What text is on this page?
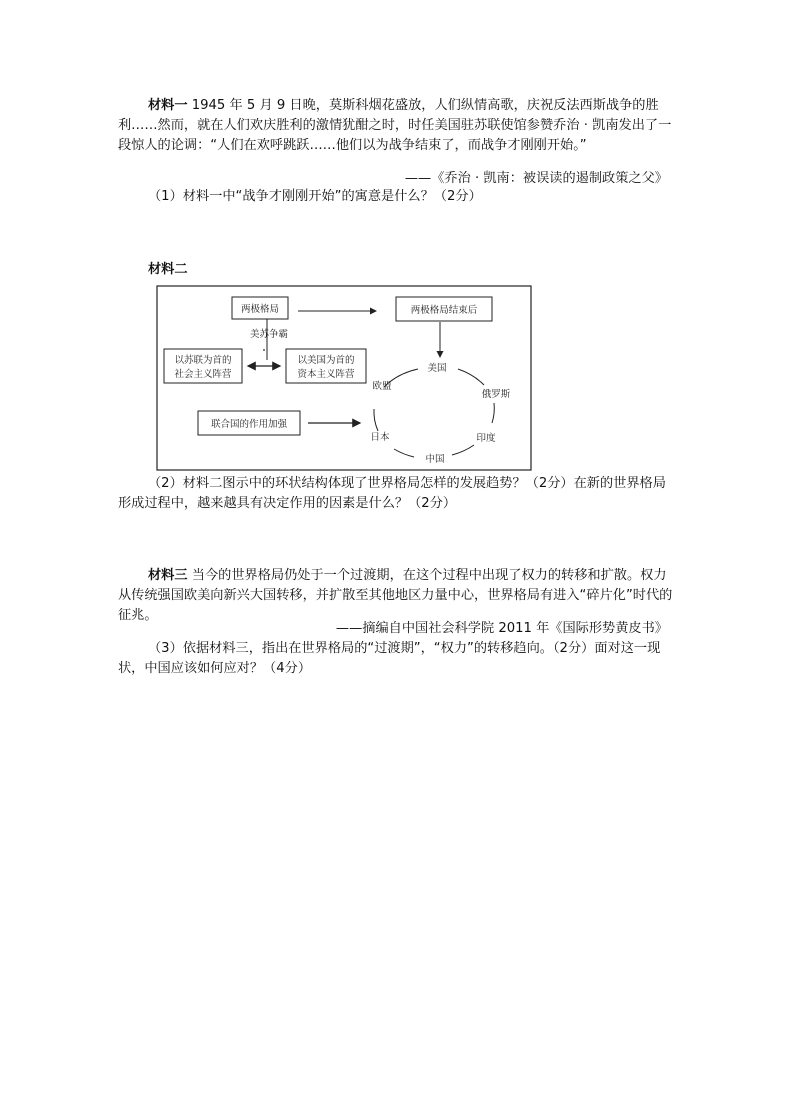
材料一 1945 年 5 月 9 日晚，莫斯科烟花盛放，人们纵情高歌，庆祝反法西斯战争的胜利……然而，就在人们欢庆胜利的激情犹酣之时，时任美国驻苏联使馆参赞乔治 · 凯南发出了一段惊人的论调：“人们在欢呼跳跃……他们以为战争结束了，而战争才刚刚开始。”

——《乔治 · 凯南：被误读的遏制政策之父》

（1）材料一中“战争才刚刚开始”的寓意是什么？（2分）

材料二

两极格局	两极格局结束后
美苏争霸
以苏联为首的
社会主义阵营
以美国为首的
资本主义阵营
联合国的作用加强
美国
俄罗斯
印度
中国
日本
欧盟

（2）材料二图示中的环状结构体现了世界格局怎样的发展趋势？（2分）在新的世界格局形成过程中，越来越具有决定作用的因素是什么？（2分）

材料三 当今的世界格局仍处于一个过渡期，在这个过程中出现了权力的转移和扩散。权力从传统强国欧美向新兴大国转移，并扩散至其他地区力量中心，世界格局有进入“碎片化”时代的征兆。

——摘编自中国社会科学院 2011 年《国际形势黄皮书》

（3）依据材料三，指出在世界格局的“过渡期”，“权力”的转移趋向。（2分）面对这一现状，中国应该如何应对？（4分）
